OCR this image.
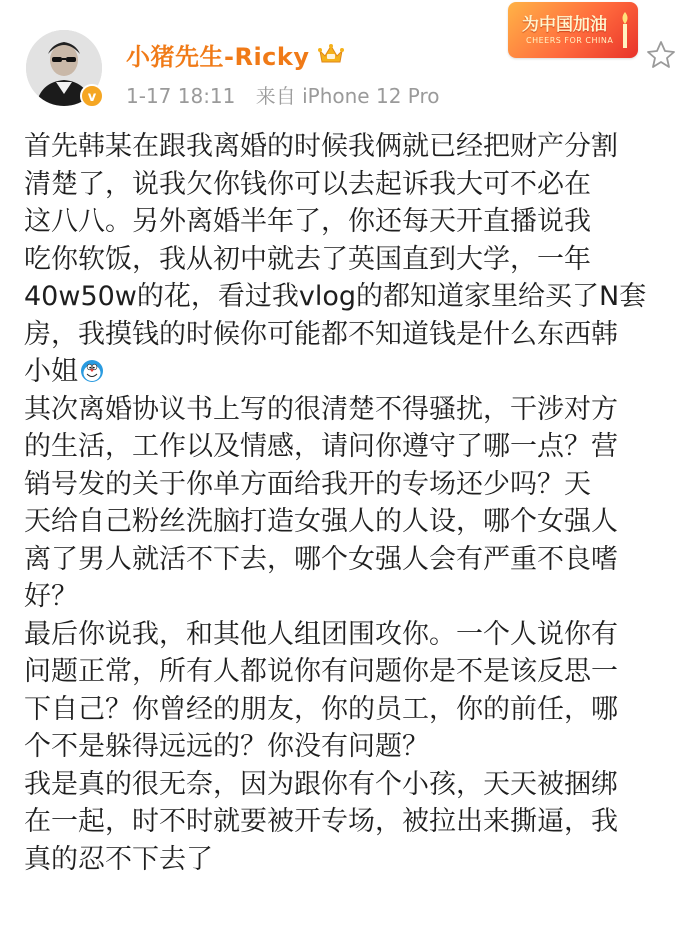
v
小猪先生-Ricky
1-17 18:11 来自 iPhone 12 Pro
为中国加油
CHEERS FOR CHINA
首先韩某在跟我离婚的时候我俩就已经把财产分割
清楚了，说我欠你钱你可以去起诉我大可不必在
这八八。另外离婚半年了，你还每天开直播说我
吃你软饭，我从初中就去了英国直到大学，一年
40w50w的花，看过我vlog的都知道家里给买了N套
房，我摸钱的时候你可能都不知道钱是什么东西韩
小姐
其次离婚协议书上写的很清楚不得骚扰，干涉对方
的生活，工作以及情感，请问你遵守了哪一点？营
销号发的关于你单方面给我开的专场还少吗？天
天给自己粉丝洗脑打造女强人的人设，哪个女强人
离了男人就活不下去，哪个女强人会有严重不良嗜
好？
最后你说我，和其他人组团围攻你。一个人说你有
问题正常，所有人都说你有问题你是不是该反思一
下自己？你曾经的朋友，你的员工，你的前任，哪
个不是躲得远远的？你没有问题？
我是真的很无奈，因为跟你有个小孩，天天被捆绑
在一起，时不时就要被开专场，被拉出来撕逼，我
真的忍不下去了
